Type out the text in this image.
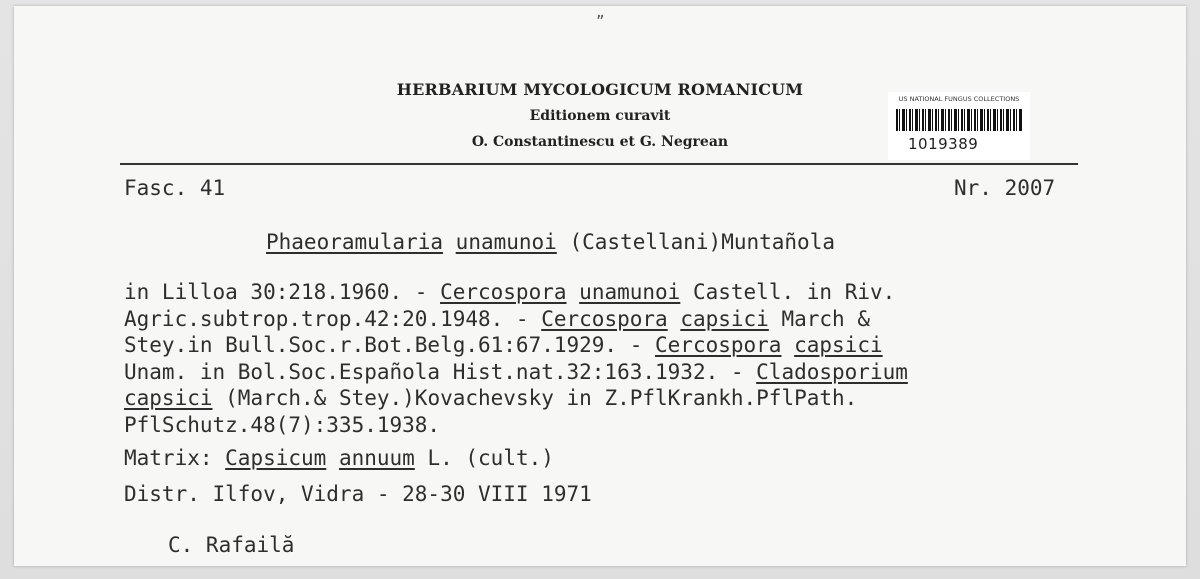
„
HERBARIUM MYCOLOGICUM ROMANICUM
Editionem curavit
O. Constantinescu et G. Negrean
US NATIONAL FUNGUS COLLECTIONS
1019389
Fasc. 41	Nr. 2007
Phaeoramularia unamunoi (Castellani)Muntañola
in Lilloa 30:218.1960. - Cercospora unamunoi Castell. in Riv.
Agric.subtrop.trop.42:20.1948. - Cercospora capsici March &
Stey.in Bull.Soc.r.Bot.Belg.61:67.1929. - Cercospora capsici
Unam. in Bol.Soc.Española Hist.nat.32:163.1932. - Cladosporium
capsici (March.& Stey.)Kovachevsky in Z.PflKrankh.PflPath.
PflSchutz.48(7):335.1938.
Matrix: Capsicum annuum L. (cult.)
Distr. Ilfov, Vidra - 28-30 VIII 1971
C. Rafailă
